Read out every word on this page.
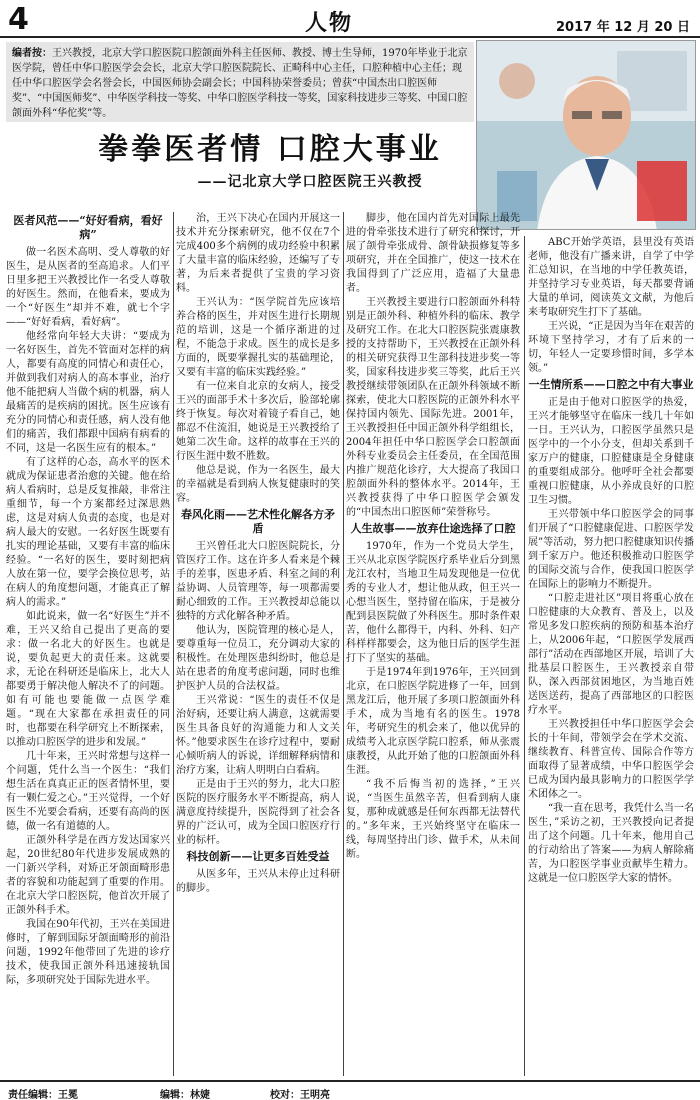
4	人物	2017 年 12 月 20 日
编者按：王兴教授，北京大学口腔医院口腔颌面外科主任医师、教授、博士生导师，1970年毕业于北京医学院，曾任中华口腔医学会会长，北京大学口腔医院院长、正畸科中心主任，口腔种植中心主任；现任中华口腔医学会名誉会长，中国医师协会副会长；中国科协荣誉委员；曾获“中国杰出口腔医师奖”、“中国医师奖”、中华医学科技一等奖、中华口腔医学科技一等奖，国家科技进步三等奖、中国口腔颌面外科“华佗奖”等。
拳拳医者情 口腔大事业
——记北京大学口腔医院王兴教授
医者风范——“好好看病，看好病”

做一名医术高明、受人尊敬的好医生，是从医者的至高追求。人们平日里多把王兴教授比作一名受人尊敬的好医生。然而，在他看来，要成为一个“好医生”却并不难，就七个字——“好好看病，看好病”。

他经常向年轻大夫讲：“要成为一名好医生，首先不管面对怎样的病人，都要有高度的同情心和责任心，并做到我们对病人的高本事业，治疗他不能把病人当做个病的机器，病人最痛苦的是疾病的困扰。医生应该有充分的同情心和责任感，病人没有他们的痛苦，我们都跟中国病有病看的不同，这是一名医生应有的根本。”

有了这样的心态，高水平的医术就成为保证患者治愈的关键。他在给病人看病时，总是反复推敲，非常注重细节，每一个方案都经过深思熟虑，这是对病人负责的态度，也是对病人最大的安慰。一名好医生既要有扎实的理论基础，又要有丰富的临床经验。“一名好的医生，要时刻把病人放在第一位，要学会换位思考，站在病人的角度想问题，才能真正了解病人的需求。”

如此说来，做一名“好医生”并不难，王兴又给自己提出了更高的要求：做一名北大的好医生。也就是说，要负起更大的责任来。这就要求，无论在科研还是临床上，北大人都要勇于解决他人解决不了的问题。如有可能也要能做一点医学难题。“现在大家都在承担责任的同时，也都要在科学研究上不断探索，以推动口腔医学的进步和发展。”

几十年来，王兴时常想与这样一个问题，凭什么当一个医生：“我们想生活在真真正正的医者情怀里，要有一颗仁爱之心。”王兴觉得，一个好医生不光要会看病，还要有高尚的医德，做一名有道德的人。

正颌外科学是在西方发达国家兴起，20世纪80年代进步发展成熟的一门新兴学科，对矫正牙颌面畸形患者的容貌和功能起到了重要的作用。在北京大学口腔医院，他首次开展了正颌外科手术。

我国在90年代初，王兴在美国进修时，了解到国际牙颌面畸形的前沿问题，1992年他带回了先进的诊疗技术，使我国正颌外科迅速接轨国际，多项研究处于国际先进水平。

治，王兴下决心在国内开展这一技术并充分探索研究，他不仅在7个完成400多个病例的成功经验中积累了大量丰富的临床经验，还编写了专著，为后来者提供了宝贵的学习资料。

王兴认为：“医学院首先应该培养合格的医生，并对医生进行长期规范的培训，这是一个循序渐进的过程，不能急于求成。医生的成长是多方面的，既要掌握扎实的基础理论，又要有丰富的临床实践经验。”

有一位来自北京的女病人，接受王兴的面部手术十多次后，脸部轮廓终于恢复。每次对着镜子看自己，她都忍不住流泪，她说是王兴教授给了她第二次生命。这样的故事在王兴的行医生涯中数不胜数。

他总是说，作为一名医生，最大的幸福就是看到病人恢复健康时的笑容。

春风化雨——艺术性化解各方矛盾

王兴曾任北大口腔医院院长，分管医疗工作。这在许多人看来是个棘手的差事，医患矛盾、科室之间的利益协调、人员管理等，每一项都需要耐心细致的工作。王兴教授却总能以独特的方式化解各种矛盾。

他认为，医院管理的核心是人，要尊重每一位员工，充分调动大家的积极性。在处理医患纠纷时，他总是站在患者的角度考虑问题，同时也维护医护人员的合法权益。

王兴常说：“医生的责任不仅是治好病，还要让病人满意，这就需要医生具备良好的沟通能力和人文关怀。”他要求医生在诊疗过程中，要耐心倾听病人的诉说，详细解释病情和治疗方案，让病人明明白白看病。

正是由于王兴的努力，北大口腔医院的医疗服务水平不断提高，病人满意度持续提升，医院得到了社会各界的广泛认可，成为全国口腔医疗行业的标杆。

科技创新——让更多百姓受益

从医多年，王兴从未停止过科研的脚步。

脚步，他在国内首先对国际上最先进的骨牵张技术进行了研究和探讨，开展了颌骨牵张成骨、颌骨缺损修复等多项研究，并在全国推广，使这一技术在我国得到了广泛应用，造福了大量患者。

王兴教授主要进行口腔颌面外科特别是正颌外科、种植外科的临床、教学及研究工作。在北大口腔医院张震康教授的支持帮助下，王兴教授在正颌外科的相关研究获得卫生部科技进步奖一等奖，国家科技进步奖三等奖，此后王兴教授继续带领团队在正颌外科领域不断探索，使北大口腔医院的正颌外科水平保持国内领先、国际先进。2001年，王兴教授担任中国正颌外科学组组长，2004年担任中华口腔医学会口腔颌面外科专业委员会主任委员，在全国范围内推广规范化诊疗，大大提高了我国口腔颌面外科的整体水平。2014年，王兴教授获得了中华口腔医学会颁发的“中国杰出口腔医师”荣誉称号。

人生故事——放弃仕途选择了口腔

1970年，作为一个党员大学生，王兴从北京医学院医疗系毕业后分到黑龙江农村，当地卫生局发现他是一位优秀的专业人才，想让他从政，但王兴一心想当医生，坚持留在临床，于是被分配到县医院做了外科医生。那时条件艰苦，他什么都得干，内科、外科、妇产科样样都要会，这为他日后的医学生涯打下了坚实的基础。

于是1974年到1976年，王兴回到北京，在口腔医学院进修了一年，回到黑龙江后，他开展了多项口腔颌面外科手术，成为当地有名的医生。1978年，考研究生的机会来了，他以优异的成绩考入北京医学院口腔系，师从张震康教授，从此开始了他的口腔颌面外科生涯。

“我不后悔当初的选择，”王兴说，“当医生虽然辛苦，但看到病人康复，那种成就感是任何东西都无法替代的。”多年来，王兴始终坚守在临床一线，每周坚持出门诊、做手术，从未间断。

ABC开始学英语，县里没有英语老师，他没有广播来讲，自学了中学汇总知识，在当地的中学任教英语，并坚持学习专业英语，每天都要背诵大量的单词，阅读英文文献，为他后来考取研究生打下了基础。

王兴说，“正是因为当年在艰苦的环境下坚持学习，才有了后来的一切，年轻人一定要珍惜时间，多学本领。”

一生情所系——口腔之中有大事业

正是由于他对口腔医学的热爱，王兴才能够坚守在临床一线几十年如一日。王兴认为，口腔医学虽然只是医学中的一个小分支，但却关系到千家万户的健康，口腔健康是全身健康的重要组成部分。他呼吁全社会都要重视口腔健康，从小养成良好的口腔卫生习惯。

王兴带领中华口腔医学会的同事们开展了“口腔健康促进、口腔医学发展”等活动，努力把口腔健康知识传播到千家万户。他还积极推动口腔医学的国际交流与合作，使我国口腔医学在国际上的影响力不断提升。

“口腔走进社区”项目将重心放在口腔健康的大众教育、普及上，以及常见多发口腔疾病的预防和基本治疗上，从2006年起，“口腔医学发展西部行”活动在西部地区开展，培训了大批基层口腔医生，王兴教授亲自带队，深入西部贫困地区，为当地百姓送医送药，提高了西部地区的口腔医疗水平。

王兴教授担任中华口腔医学会会长的十年间，带领学会在学术交流、继续教育、科普宣传、国际合作等方面取得了显著成绩，中华口腔医学会已成为国内最具影响力的口腔医学学术团体之一。

“我一直在思考，我凭什么当一名医生，”采访之初，王兴教授向记者提出了这个问题。几十年来，他用自己的行动给出了答案——为病人解除痛苦，为口腔医学事业贡献毕生精力。这就是一位口腔医学大家的情怀。

责任编辑：王冕	编辑：林婕	校对：王明亮
